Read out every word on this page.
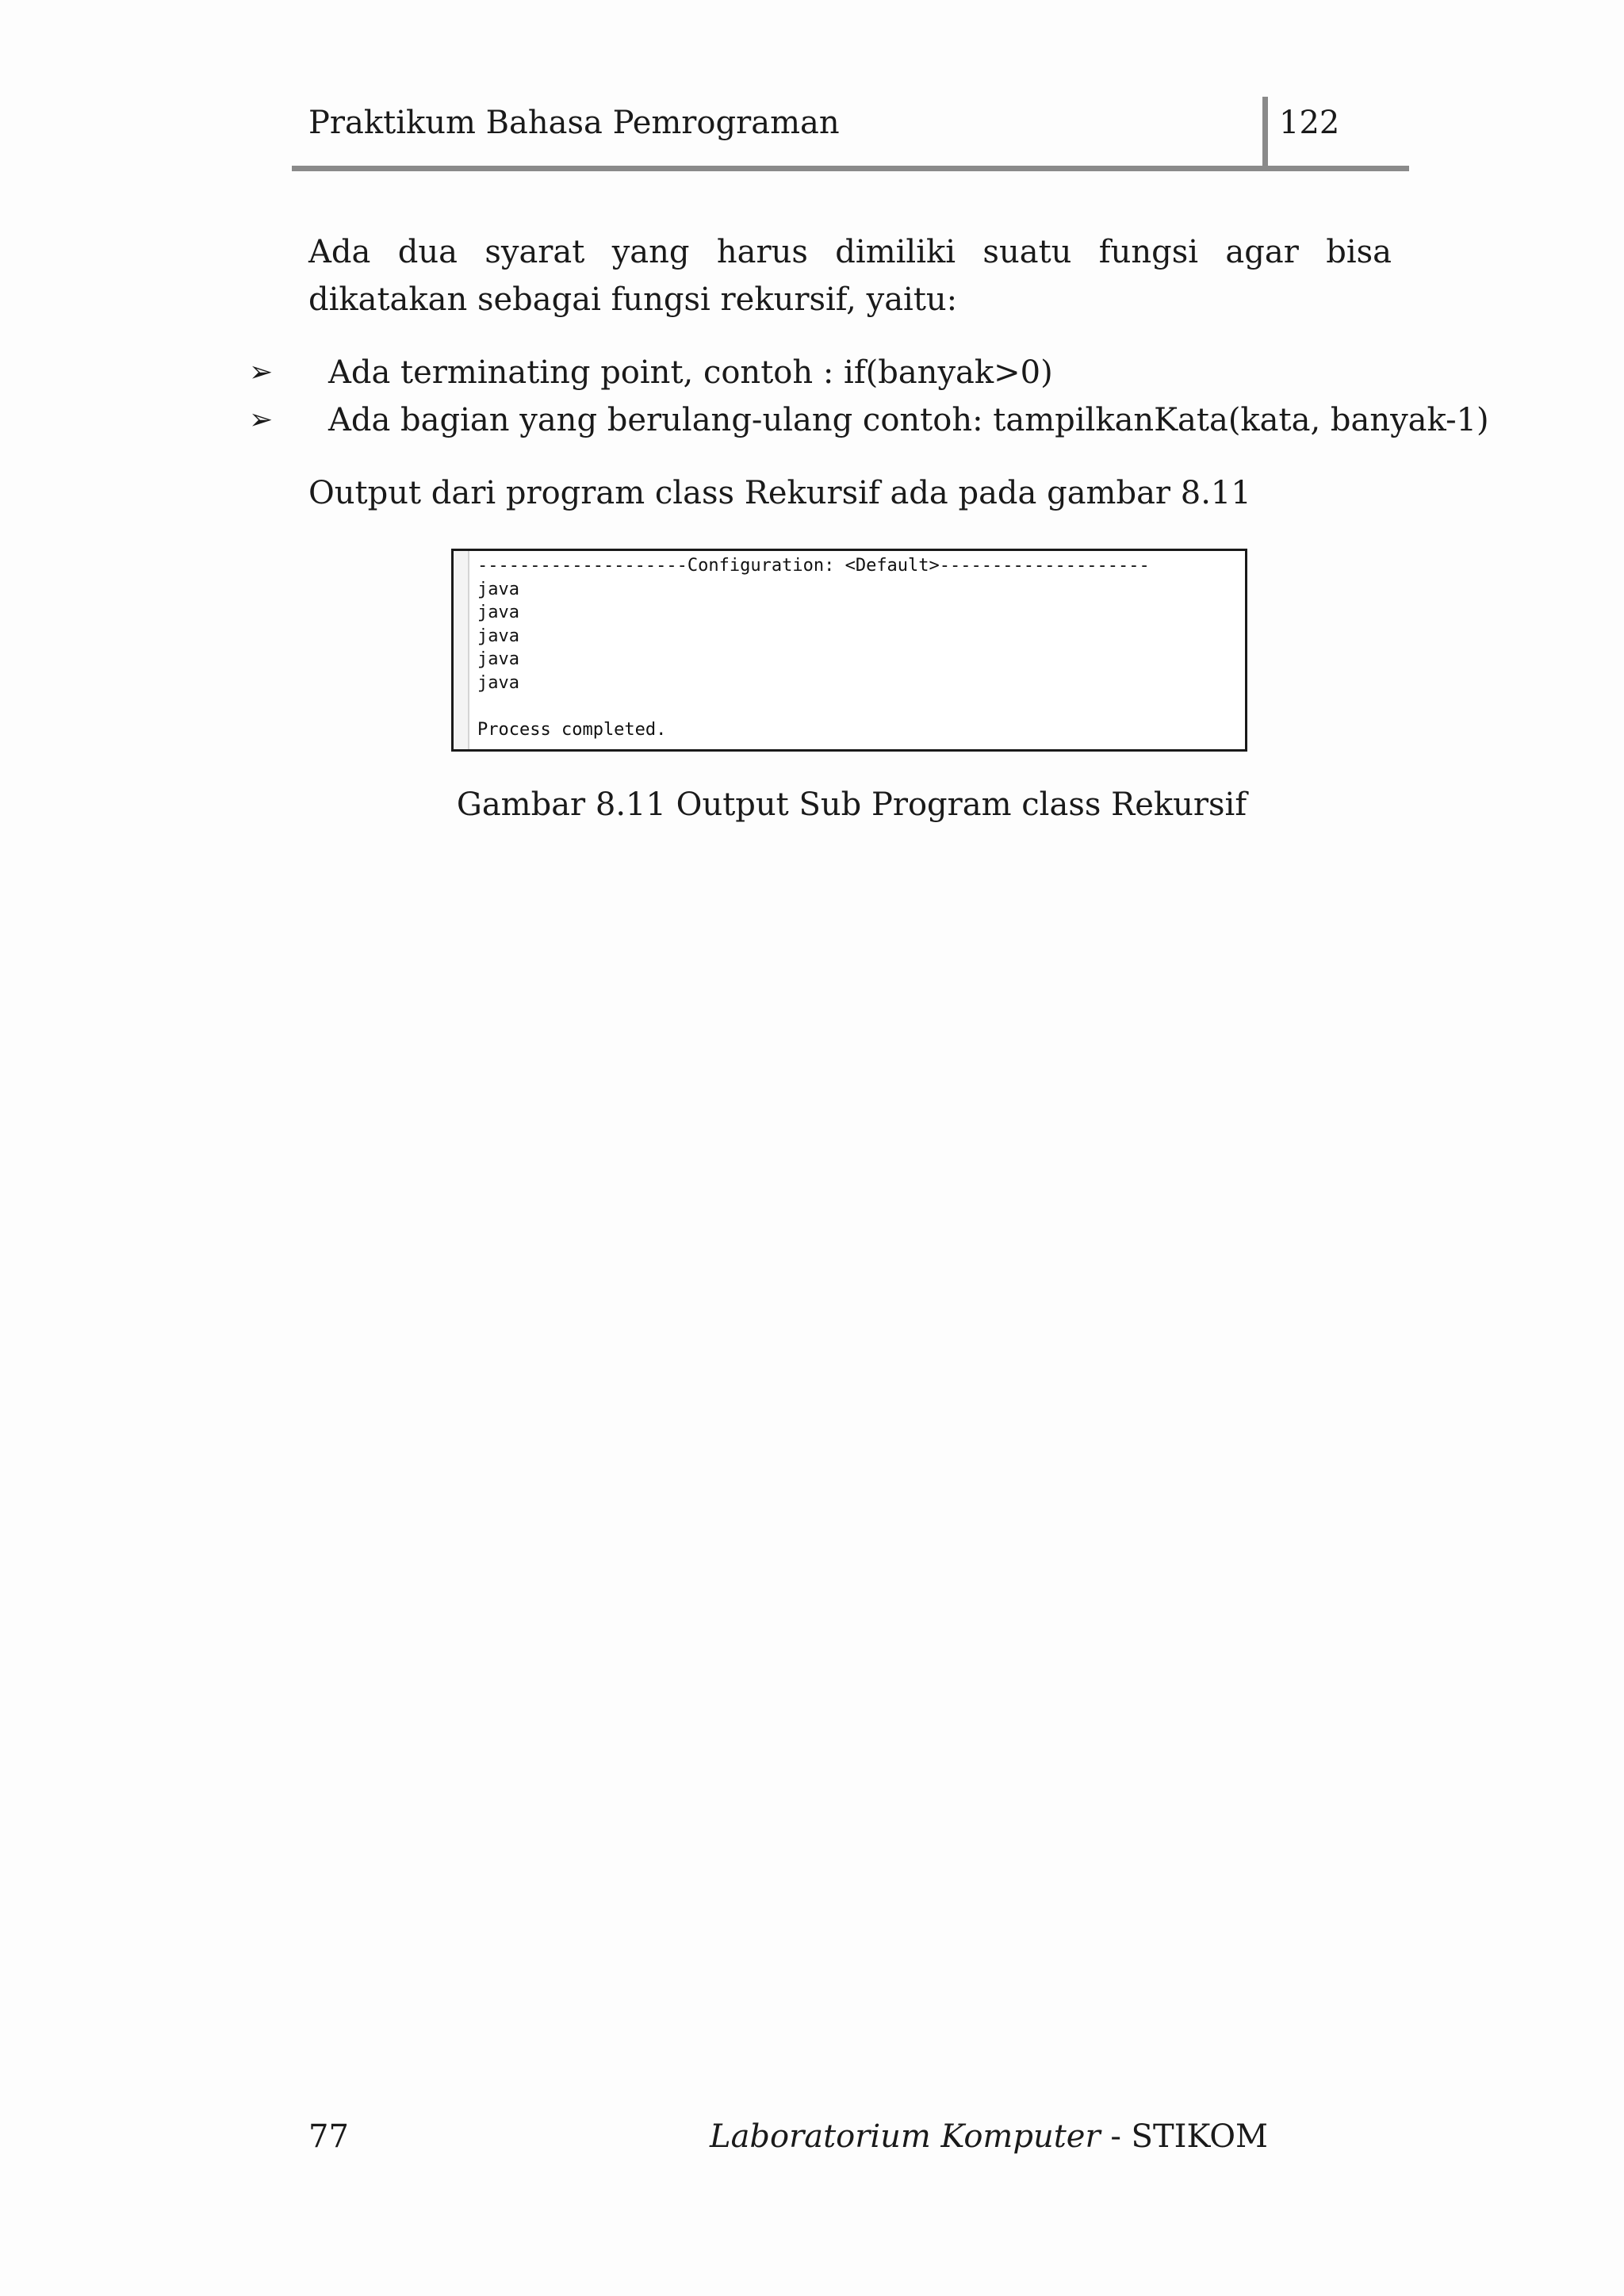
Praktikum Bahasa Pemrograman	122

Ada dua syarat yang harus dimiliki suatu fungsi agar bisa dikatakan sebagai fungsi rekursif, yaitu:

➢ Ada terminating point, contoh : if(banyak>0)
➢ Ada bagian yang berulang-ulang contoh: tampilkanKata(kata, banyak-1)
Output dari program class Rekursif ada pada gambar 8.11
--------------------Configuration: <Default>--------------------
java
java
java
java
java

Process completed.
Gambar 8.11 Output Sub Program class Rekursif
77	Laboratorium Komputer - STIKOM
